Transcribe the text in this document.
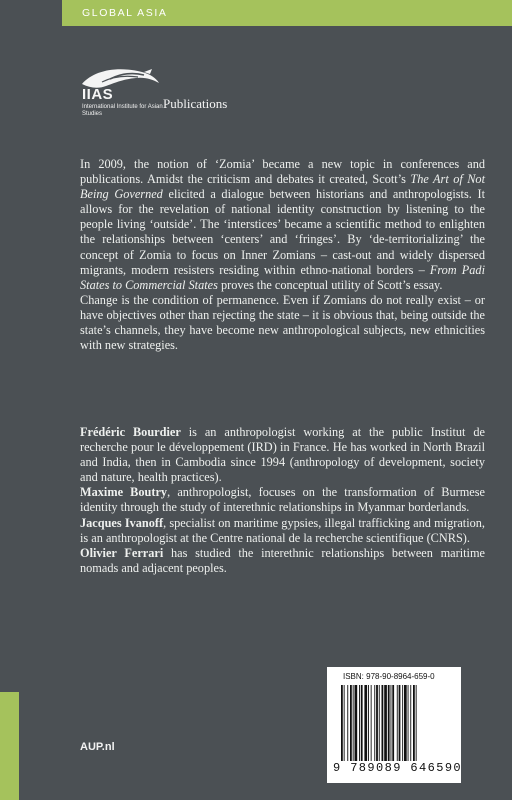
GLOBAL ASIA
IIAS
International Institute for Asian Studies
Publications

In 2009, the notion of ‘Zomia’ became a new topic in conferences and publications. Amidst the criticism and debates it created, Scott’s The Art of Not Being Governed elicited a dialogue between historians and anthropologists. It allows for the revelation of national identity construction by listening to the people living ‘outside’. The ‘interstices’ became a scientific method to enlighten the relationships between ‘centers’ and ‘fringes’. By ‘de-territorializing’ the concept of Zomia to focus on Inner Zomians – cast-out and widely dispersed migrants, modern resisters residing within ethno-national borders – From Padi States to Commercial States proves the conceptual utility of Scott’s essay.

Change is the condition of permanence. Even if Zomians do not really exist – or have objectives other than rejecting the state – it is obvious that, being outside the state’s channels, they have become new anthropological subjects, new ethnicities with new strategies.

Frédéric Bourdier is an anthropologist working at the public Institut de recherche pour le développement (IRD) in France. He has worked in North Brazil and India, then in Cambodia since 1994 (anthropology of development, society and nature, health practices).

Maxime Boutry, anthropologist, focuses on the transformation of Burmese identity through the study of interethnic relationships in Myanmar borderlands.

Jacques Ivanoff, specialist on maritime gypsies, illegal trafficking and migration, is an anthropologist at the Centre national de la recherche scientifique (CNRS).

Olivier Ferrari has studied the interethnic relationships between maritime nomads and adjacent peoples.

AUP.nl
ISBN: 978-90-8964-659-0
9 789089 646590
